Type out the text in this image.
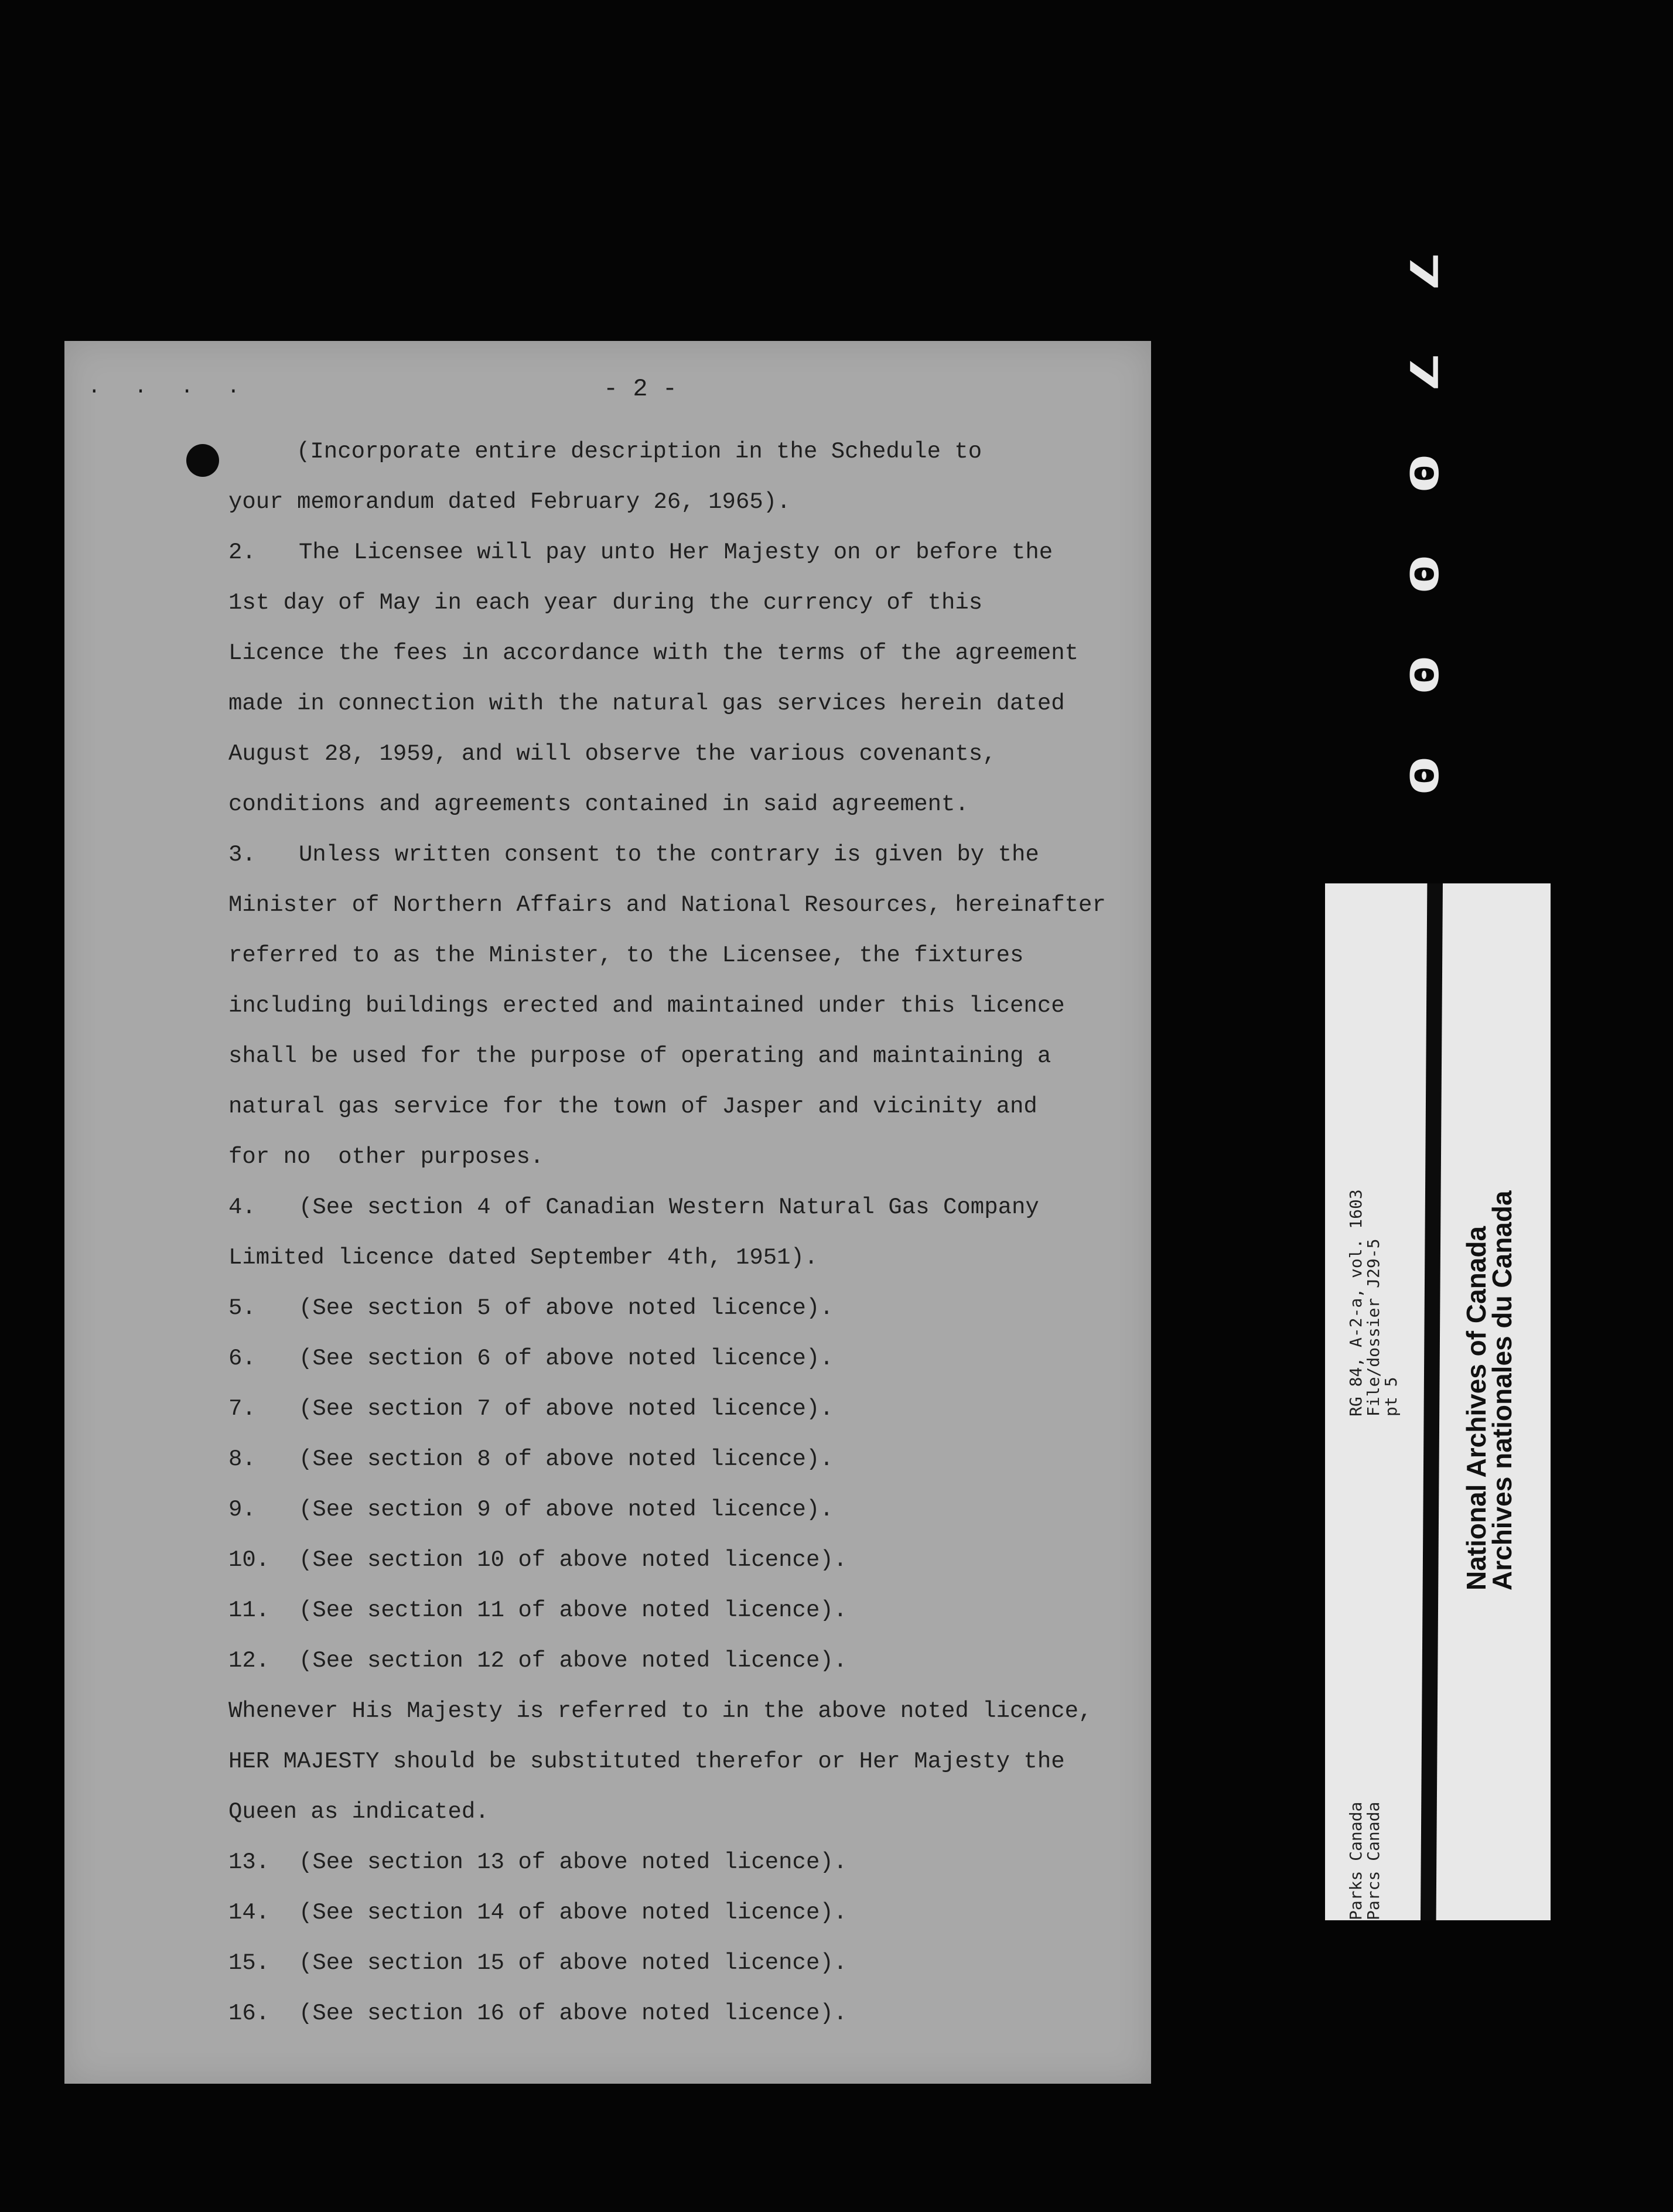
7
7
0
0
0
0
. . . .
(Incorporate entire description in the Schedule to
your memorandum dated February 26, 1965).
2. The Licensee will pay unto Her Majesty on or before the
1st day of May in each year during the currency of this
Licence the fees in accordance with the terms of the agreement
made in connection with the natural gas services herein dated
August 28, 1959, and will observe the various covenants,
conditions and agreements contained in said agreement.
3. Unless written consent to the contrary is given by the
Minister of Northern Affairs and National Resources, hereinafter
referred to as the Minister, to the Licensee, the fixtures
including buildings erected and maintained under this licence
shall be used for the purpose of operating and maintaining a
natural gas service for the town of Jasper and vicinity and
for no  other purposes.
4. (See section 4 of Canadian Western Natural Gas Company
Limited licence dated September 4th, 1951).
5. (See section 5 of above noted licence).
6. (See section 6 of above noted licence).
7. (See section 7 of above noted licence).
8. (See section 8 of above noted licence).
9. (See section 9 of above noted licence).
10. (See section 10 of above noted licence).
11. (See section 11 of above noted licence).
12. (See section 12 of above noted licence).
Whenever His Majesty is referred to in the above noted licence,
HER MAJESTY should be substituted therefor or Her Majesty the
Queen as indicated.
13. (See section 13 of above noted licence).
14. (See section 14 of above noted licence).
15. (See section 15 of above noted licence).
16. (See section 16 of above noted licence).
National Archives of Canada
Archives nationales du Canada
RG 84, A-2-a, vol. 1603
File/dossier J29-5
pt 5
Parks Canada
Parcs Canada
